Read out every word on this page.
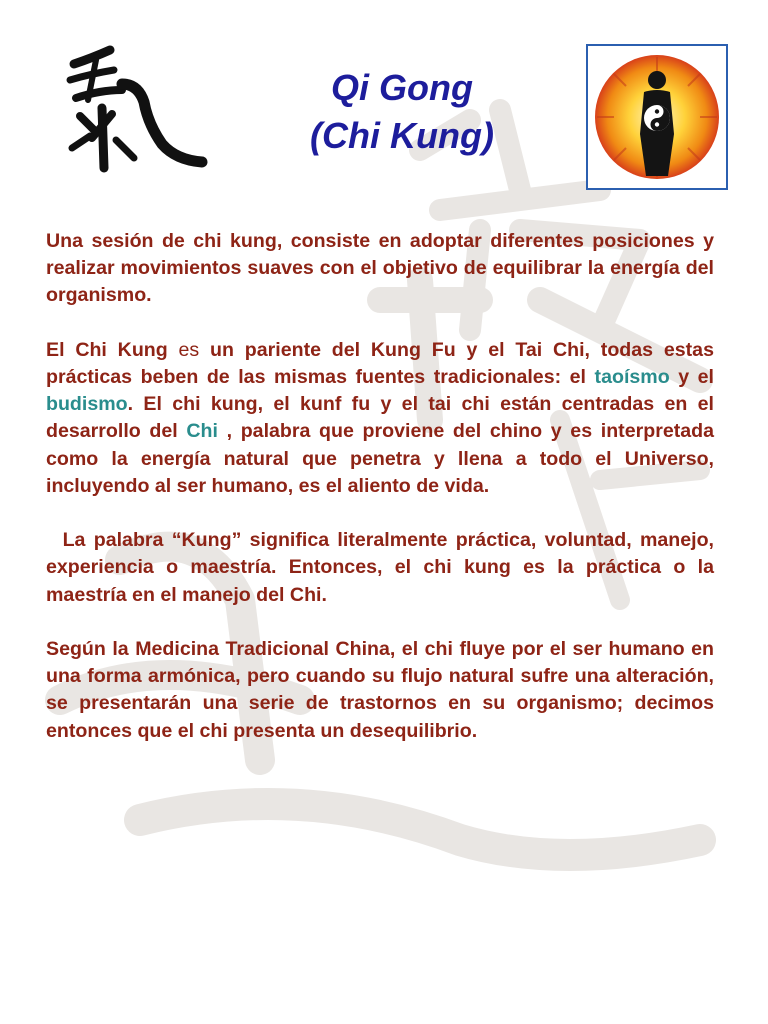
Qi Gong
(Chi Kung)

Una sesión de chi kung, consiste en adoptar diferentes posiciones y realizar movimientos suaves con el objetivo de equilibrar la energía del organismo.

El Chi Kung es un pariente del Kung Fu y el Tai Chi, todas estas prácticas beben de las mismas fuentes tradicionales: el taoísmo y el budismo. El chi kung, el kunf fu y el tai chi están centradas en el desarrollo del Chi , palabra que proviene del chino y es interpretada como la energía natural que penetra y llena a todo el Universo, incluyendo al ser humano, es el aliento de vida.

La palabra “Kung” significa literalmente práctica, voluntad, manejo, experiencia o maestría. Entonces, el chi kung es la práctica o la maestría en el manejo del Chi.

Según la Medicina Tradicional China, el chi fluye por el ser humano en una forma armónica, pero cuando su flujo natural sufre una alteración, se presentarán una serie de trastornos en su organismo; decimos entonces que el chi presenta un desequilibrio.
